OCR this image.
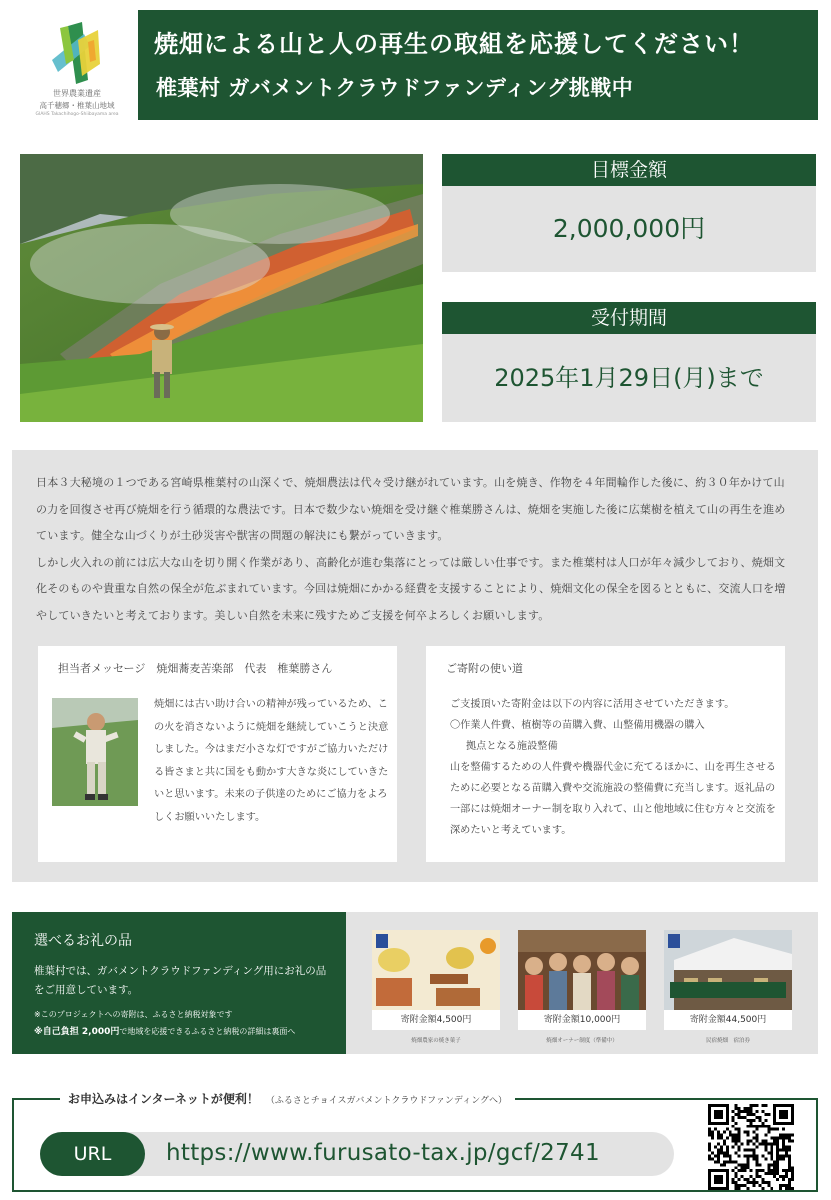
世界農業遺産
高千穂郷・椎葉山地域
GIAHS Takachihogo-Shiibayama area
焼畑による山と人の再生の取組を応援してください！
椎葉村 ガバメントクラウドファンディング挑戦中
目標金額
2,000,000円
受付期間
2025年1月29日(月)まで

日本３大秘境の１つである宮崎県椎葉村の山深くで、焼畑農法は代々受け継がれています。山を焼き、作物を４年間輪作した後に、約３０年かけて山の力を回復させ再び焼畑を行う循環的な農法です。日本で数少ない焼畑を受け継ぐ椎葉勝さんは、焼畑を実施した後に広葉樹を植えて山の再生を進めています。健全な山づくりが土砂災害や獣害の問題の解決にも繋がっていきます。

しかし火入れの前には広大な山を切り開く作業があり、高齢化が進む集落にとっては厳しい仕事です。また椎葉村は人口が年々減少しており、焼畑文化そのものや貴重な自然の保全が危ぶまれています。今回は焼畑にかかる経費を支援することにより、焼畑文化の保全を図るとともに、交流人口を増やしていきたいと考えております。美しい自然を未来に残すためご支援を何卒よろしくお願いします。

担当者メッセージ　焼畑蕎麦苦楽部　代表　椎葉勝さん
焼畑には古い助け合いの精神が残っているため、この火を消さないように焼畑を継続していこうと決意しました。今はまだ小さな灯ですがご協力いただける皆さまと共に国をも動かす大きな炎にしていきたいと思います。未来の子供達のためにご協力をよろしくお願いいたします。
ご寄附の使い道
ご支援頂いた寄附金は以下の内容に活用させていただきます。
〇作業人件費、植樹等の苗購入費、山整備用機器の購入
拠点となる施設整備
山を整備するための人件費や機器代金に充てるほかに、山を再生させるために必要となる苗購入費や交流施設の整備費に充当します。返礼品の一部には焼畑オーナー制を取り入れて、山と他地域に住む方々と交流を深めたいと考えています。
選べるお礼の品
椎葉村では、ガバメントクラウドファンディング用にお礼の品をご用意しています。
※このプロジェクトへの寄附は、ふるさと納税対象です
※自己負担 2,000円で地域を応援できるふるさと納税の詳細は裏面へ
寄附金額4,500円
焼畑農家の焼き菓子
寄附金額10,000円
焼畑オーナー制度（準備中）
寄附金額44,500円
民宿焼畑　宿泊券
お申込みはインターネットが便利！　 （ふるさとチョイスガバメントクラウドファンディングへ）
URL	https://www.furusato-tax.jp/gcf/2741
